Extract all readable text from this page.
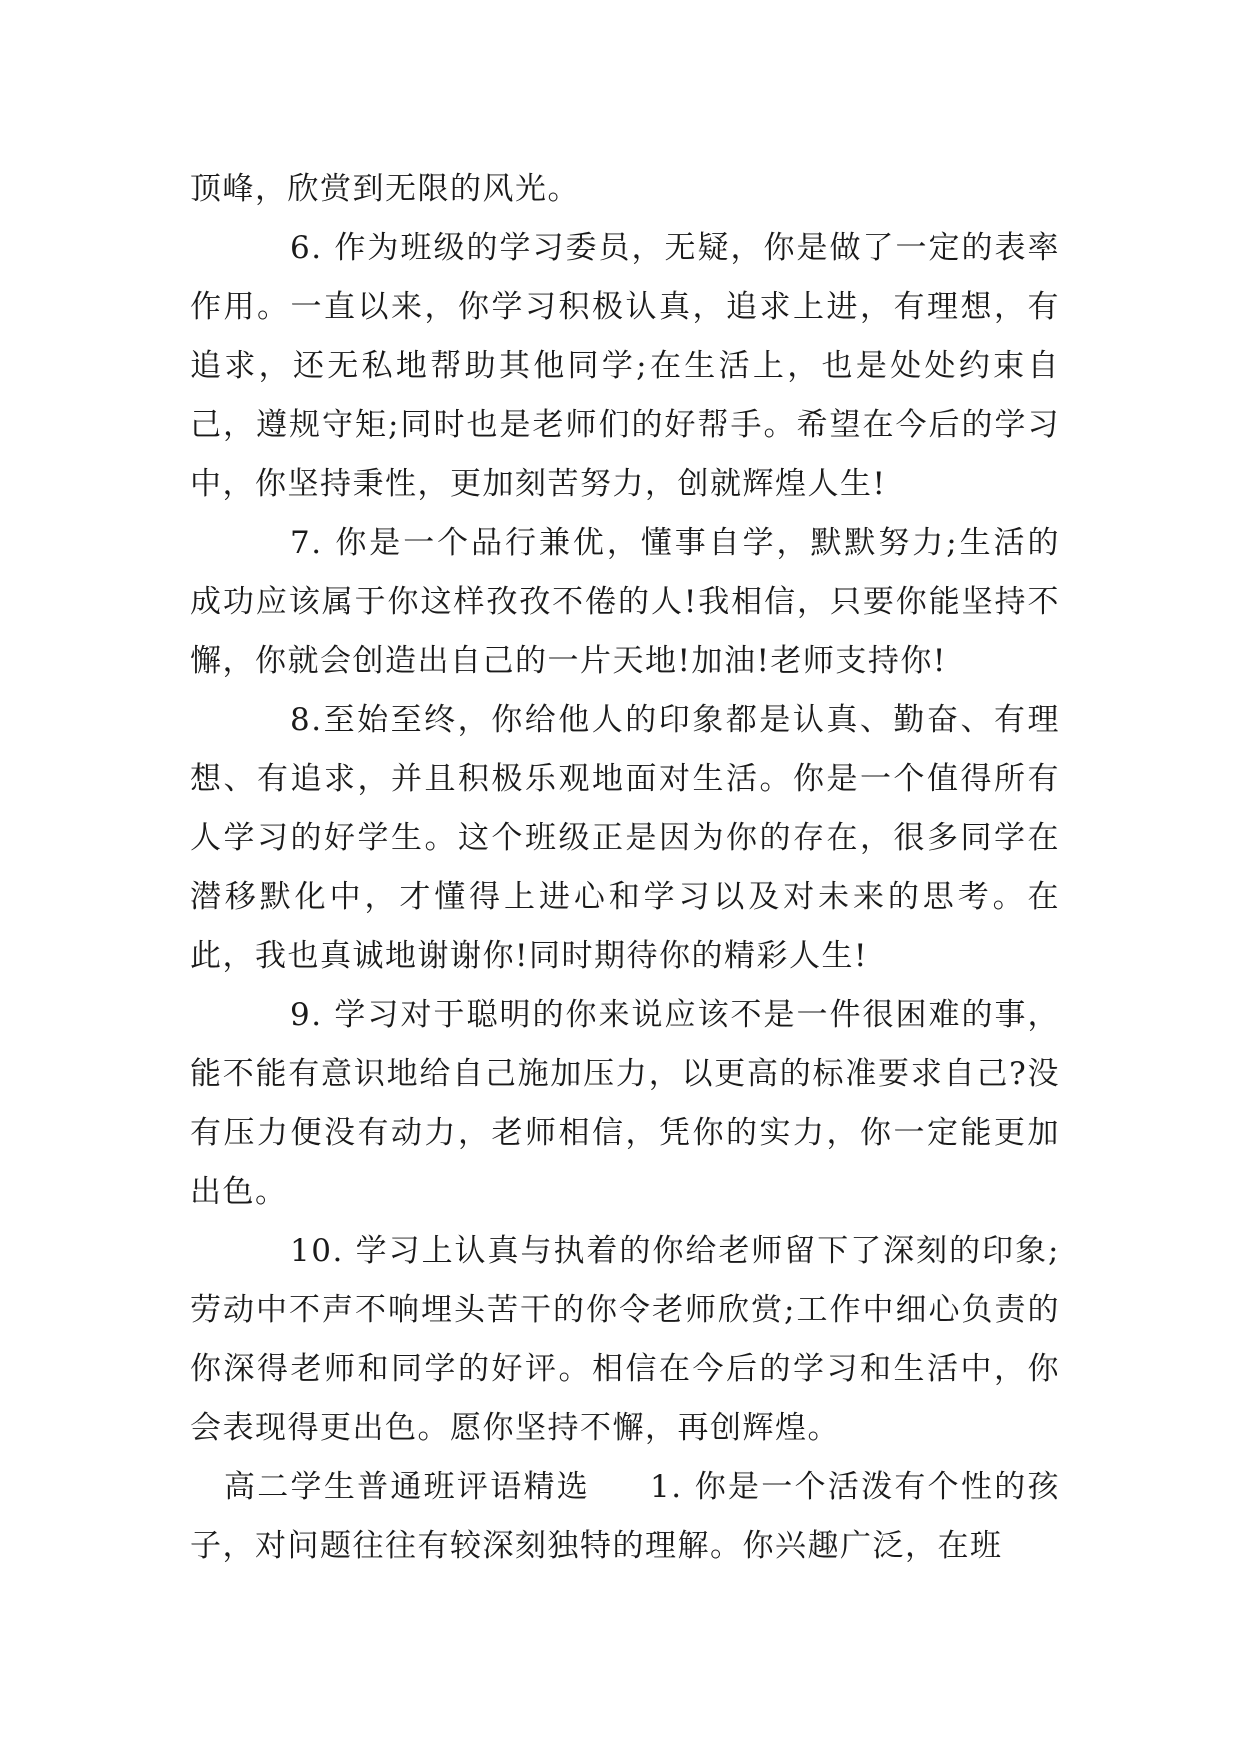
顶峰，欣赏到无限的风光。

6. 作为班级的学习委员，无疑，你是做了一定的表率作用。一直以来，你学习积极认真，追求上进，有理想，有追求，还无私地帮助其他同学;在生活上，也是处处约束自己，遵规守矩;同时也是老师们的好帮手。希望在今后的学习中，你坚持秉性，更加刻苦努力，创就辉煌人生!

7. 你是一个品行兼优，懂事自学，默默努力;生活的成功应该属于你这样孜孜不倦的人!我相信，只要你能坚持不懈，你就会创造出自己的一片天地!加油!老师支持你!

8.至始至终，你给他人的印象都是认真、勤奋、有理想、有追求，并且积极乐观地面对生活。你是一个值得所有人学习的好学生。这个班级正是因为你的存在，很多同学在潜移默化中，才懂得上进心和学习以及对未来的思考。在此，我也真诚地谢谢你!同时期待你的精彩人生!

9. 学习对于聪明的你来说应该不是一件很困难的事，能不能有意识地给自己施加压力，以更高的标准要求自己?没有压力便没有动力，老师相信，凭你的实力，你一定能更加出色。

10. 学习上认真与执着的你给老师留下了深刻的印象;劳动中不声不响埋头苦干的你令老师欣赏;工作中细心负责的你深得老师和同学的好评。相信在今后的学习和生活中，你会表现得更出色。愿你坚持不懈，再创辉煌。

高二学生普通班评语精选 1. 你是一个活泼有个性的孩子，对问题往往有较深刻独特的理解。你兴趣广泛，在班
